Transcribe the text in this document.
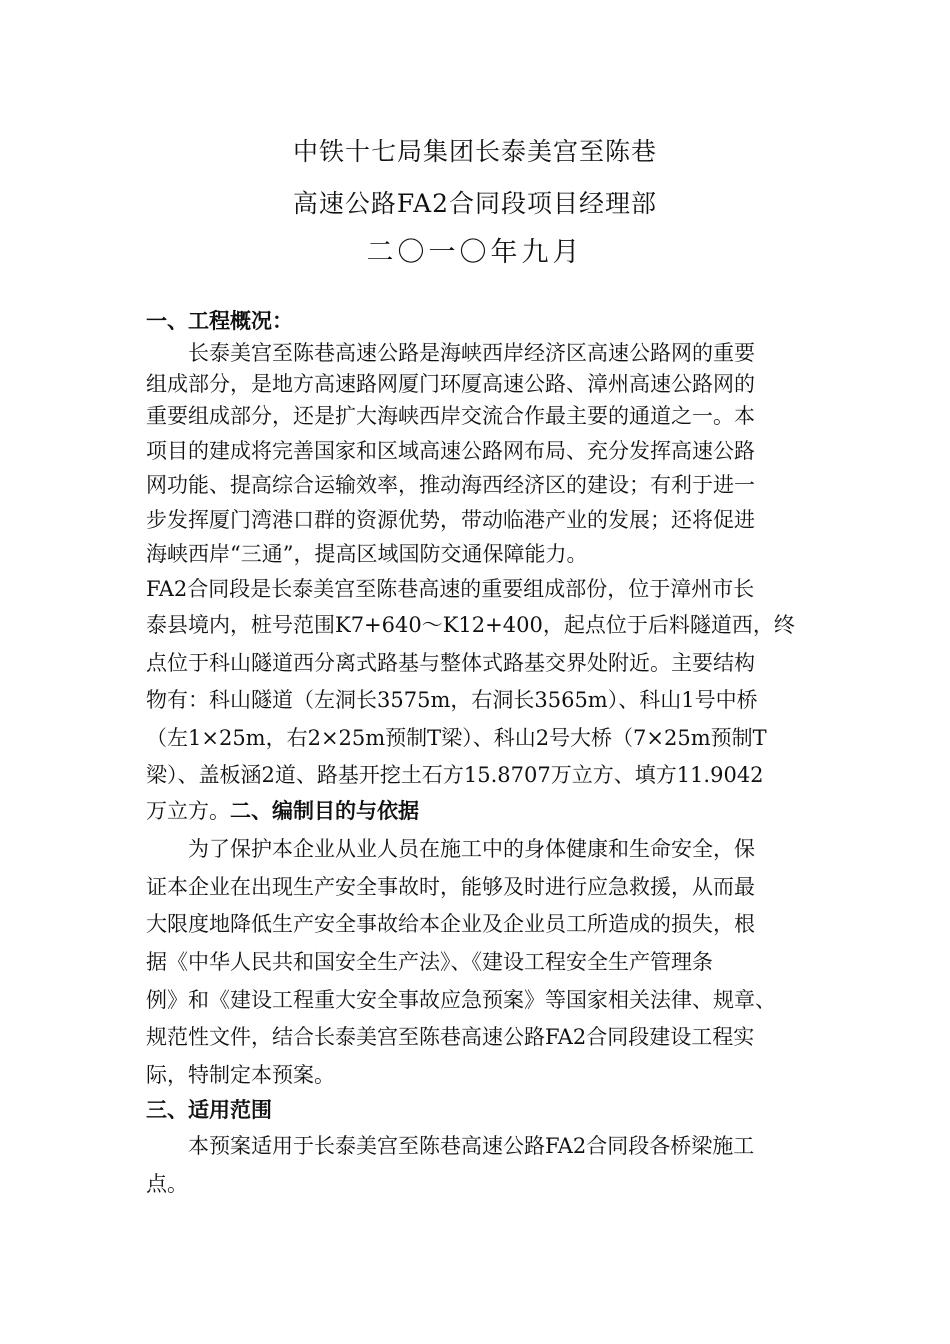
中铁十七局集团长泰美宫至陈巷
高速公路FA2合同段项目经理部
二〇一〇年九月
一、工程概况：
长泰美宫至陈巷高速公路是海峡西岸经济区高速公路网的重要
组成部分，是地方高速路网厦门环厦高速公路、漳州高速公路网的
重要组成部分，还是扩大海峡西岸交流合作最主要的通道之一。本
项目的建成将完善国家和区域高速公路网布局、充分发挥高速公路
网功能、提高综合运输效率，推动海西经济区的建设；有利于进一
步发挥厦门湾港口群的资源优势，带动临港产业的发展；还将促进
海峡西岸“三通”，提高区域国防交通保障能力。
FA2合同段是长泰美宫至陈巷高速的重要组成部份，位于漳州市长
泰县境内，桩号范围K7+640～K12+400，起点位于后料隧道西，终
点位于科山隧道西分离式路基与整体式路基交界处附近。主要结构
物有：科山隧道（左洞长3575m，右洞长3565m）、科山1号中桥
（左1×25m，右2×25m预制T梁）、科山2号大桥（7×25m预制T
梁）、盖板涵2道、路基开挖土石方15.8707万立方、填方11.9042
万立方。二、编制目的与依据
为了保护本企业从业人员在施工中的身体健康和生命安全，保
证本企业在出现生产安全事故时，能够及时进行应急救援，从而最
大限度地降低生产安全事故给本企业及企业员工所造成的损失，根
据《中华人民共和国安全生产法》、《建设工程安全生产管理条
例》和《建设工程重大安全事故应急预案》等国家相关法律、规章、
规范性文件，结合长泰美宫至陈巷高速公路FA2合同段建设工程实
际，特制定本预案。
三、适用范围
本预案适用于长泰美宫至陈巷高速公路FA2合同段各桥梁施工
点。
